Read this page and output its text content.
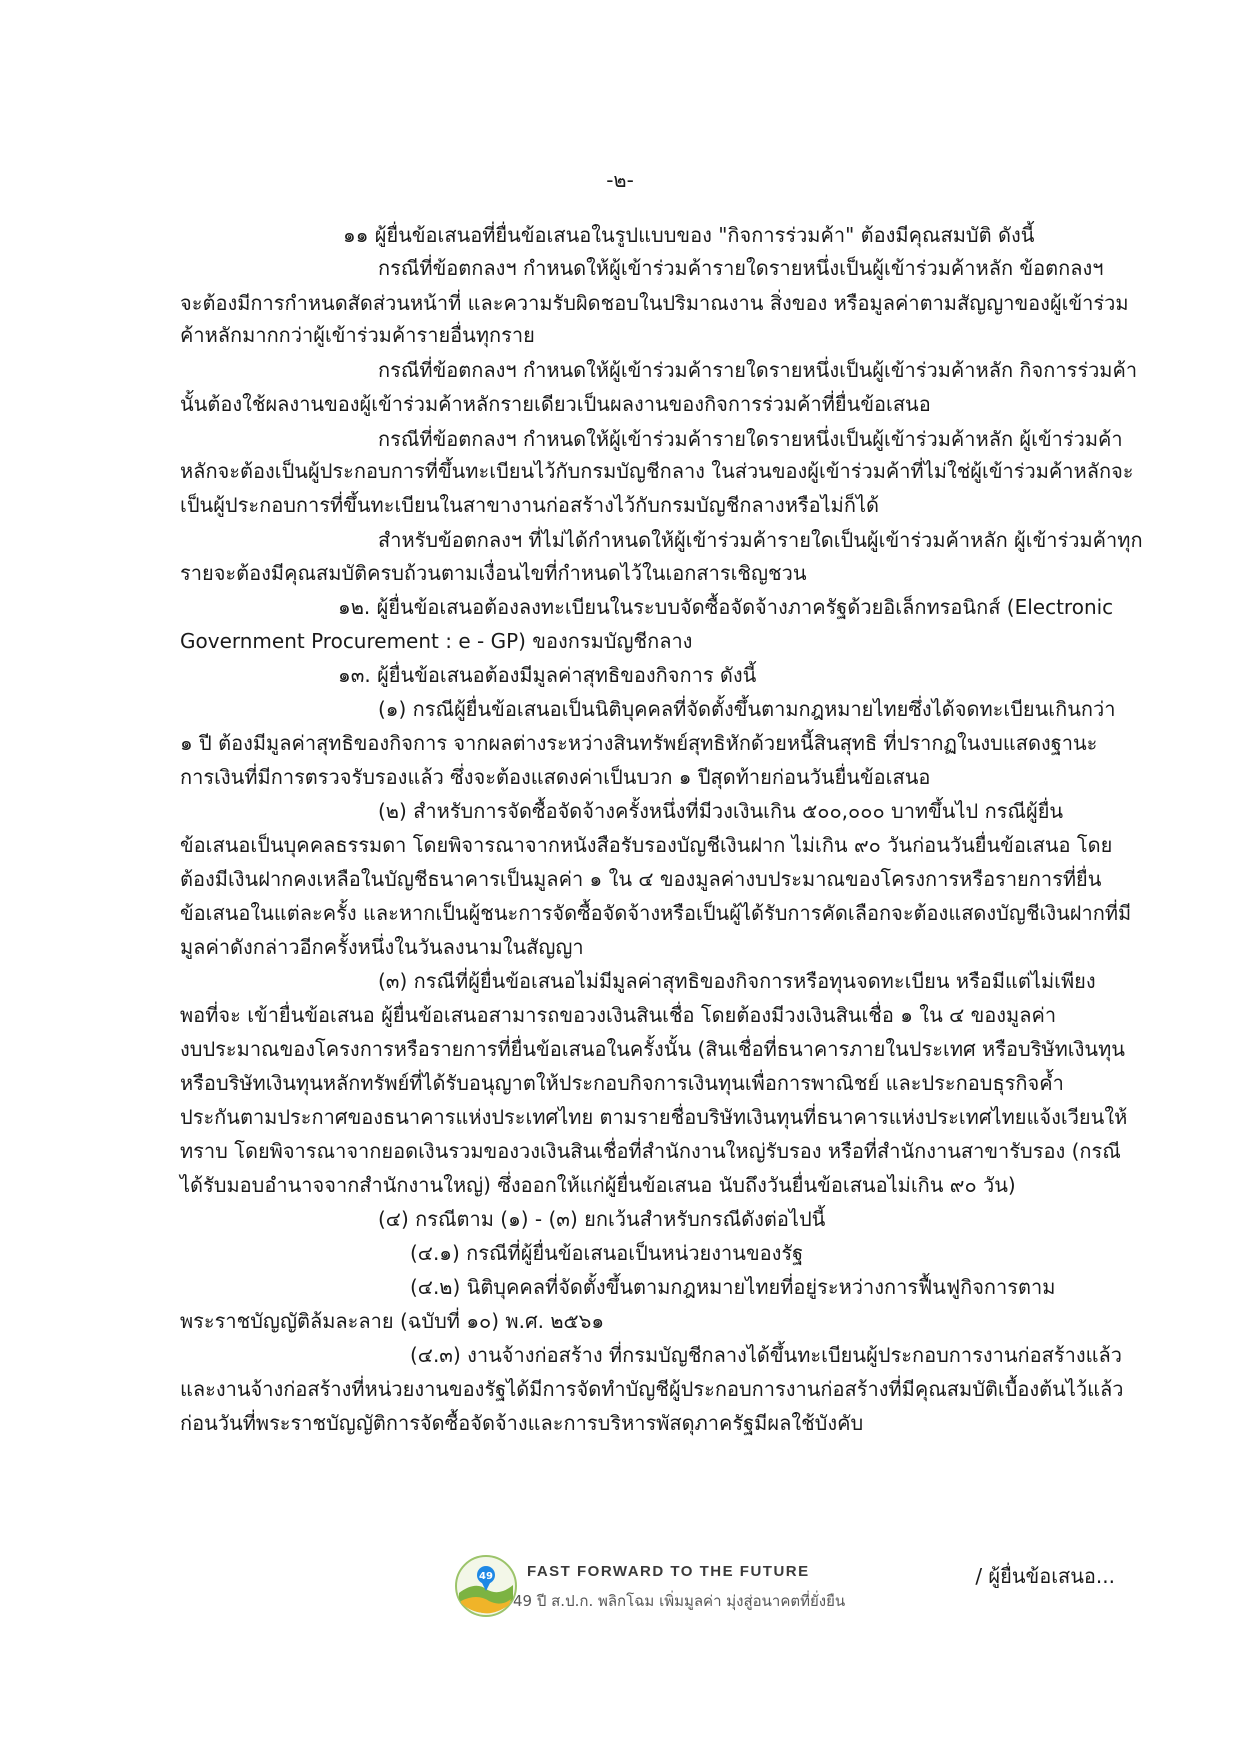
-๒-
๑๑ ผู้ยื่นข้อเสนอที่ยื่นข้อเสนอในรูปแบบของ "กิจการร่วมค้า" ต้องมีคุณสมบัติ ดังนี้
กรณีที่ข้อตกลงฯ กำหนดให้ผู้เข้าร่วมค้ารายใดรายหนึ่งเป็นผู้เข้าร่วมค้าหลัก ข้อตกลงฯ
จะต้องมีการกำหนดสัดส่วนหน้าที่ และความรับผิดชอบในปริมาณงาน สิ่งของ หรือมูลค่าตามสัญญาของผู้เข้าร่วม
ค้าหลักมากกว่าผู้เข้าร่วมค้ารายอื่นทุกราย
กรณีที่ข้อตกลงฯ กำหนดให้ผู้เข้าร่วมค้ารายใดรายหนึ่งเป็นผู้เข้าร่วมค้าหลัก กิจการร่วมค้า
นั้นต้องใช้ผลงานของผู้เข้าร่วมค้าหลักรายเดียวเป็นผลงานของกิจการร่วมค้าที่ยื่นข้อเสนอ
กรณีที่ข้อตกลงฯ กำหนดให้ผู้เข้าร่วมค้ารายใดรายหนึ่งเป็นผู้เข้าร่วมค้าหลัก ผู้เข้าร่วมค้า
หลักจะต้องเป็นผู้ประกอบการที่ขึ้นทะเบียนไว้กับกรมบัญชีกลาง ในส่วนของผู้เข้าร่วมค้าที่ไม่ใช่ผู้เข้าร่วมค้าหลักจะ
เป็นผู้ประกอบการที่ขึ้นทะเบียนในสาขางานก่อสร้างไว้กับกรมบัญชีกลางหรือไม่ก็ได้
สำหรับข้อตกลงฯ ที่ไม่ได้กำหนดให้ผู้เข้าร่วมค้ารายใดเป็นผู้เข้าร่วมค้าหลัก ผู้เข้าร่วมค้าทุก
รายจะต้องมีคุณสมบัติครบถ้วนตามเงื่อนไขที่กำหนดไว้ในเอกสารเชิญชวน
๑๒. ผู้ยื่นข้อเสนอต้องลงทะเบียนในระบบจัดซื้อจัดจ้างภาครัฐด้วยอิเล็กทรอนิกส์ (Electronic
Government Procurement : e - GP) ของกรมบัญชีกลาง
๑๓. ผู้ยื่นข้อเสนอต้องมีมูลค่าสุทธิของกิจการ ดังนี้
(๑) กรณีผู้ยื่นข้อเสนอเป็นนิติบุคคลที่จัดตั้งขึ้นตามกฎหมายไทยซึ่งได้จดทะเบียนเกินกว่า
๑ ปี ต้องมีมูลค่าสุทธิของกิจการ จากผลต่างระหว่างสินทรัพย์สุทธิหักด้วยหนี้สินสุทธิ ที่ปรากฏในงบแสดงฐานะ
การเงินที่มีการตรวจรับรองแล้ว ซึ่งจะต้องแสดงค่าเป็นบวก ๑ ปีสุดท้ายก่อนวันยื่นข้อเสนอ
(๒) สำหรับการจัดซื้อจัดจ้างครั้งหนึ่งที่มีวงเงินเกิน ๕๐๐,๐๐๐ บาทขึ้นไป กรณีผู้ยื่น
ข้อเสนอเป็นบุคคลธรรมดา โดยพิจารณาจากหนังสือรับรองบัญชีเงินฝาก ไม่เกิน ๙๐ วันก่อนวันยื่นข้อเสนอ โดย
ต้องมีเงินฝากคงเหลือในบัญชีธนาคารเป็นมูลค่า ๑ ใน ๔ ของมูลค่างบประมาณของโครงการหรือรายการที่ยื่น
ข้อเสนอในแต่ละครั้ง และหากเป็นผู้ชนะการจัดซื้อจัดจ้างหรือเป็นผู้ได้รับการคัดเลือกจะต้องแสดงบัญชีเงินฝากที่มี
มูลค่าดังกล่าวอีกครั้งหนึ่งในวันลงนามในสัญญา
(๓) กรณีที่ผู้ยื่นข้อเสนอไม่มีมูลค่าสุทธิของกิจการหรือทุนจดทะเบียน หรือมีแต่ไม่เพียง
พอที่จะ เข้ายื่นข้อเสนอ ผู้ยื่นข้อเสนอสามารถขอวงเงินสินเชื่อ โดยต้องมีวงเงินสินเชื่อ ๑ ใน ๔ ของมูลค่า
งบประมาณของโครงการหรือรายการที่ยื่นข้อเสนอในครั้งนั้น (สินเชื่อที่ธนาคารภายในประเทศ หรือบริษัทเงินทุน
หรือบริษัทเงินทุนหลักทรัพย์ที่ได้รับอนุญาตให้ประกอบกิจการเงินทุนเพื่อการพาณิชย์ และประกอบธุรกิจค้ำ
ประกันตามประกาศของธนาคารแห่งประเทศไทย ตามรายชื่อบริษัทเงินทุนที่ธนาคารแห่งประเทศไทยแจ้งเวียนให้
ทราบ โดยพิจารณาจากยอดเงินรวมของวงเงินสินเชื่อที่สำนักงานใหญ่รับรอง หรือที่สำนักงานสาขารับรอง (กรณี
ได้รับมอบอำนาจจากสำนักงานใหญ่) ซึ่งออกให้แก่ผู้ยื่นข้อเสนอ นับถึงวันยื่นข้อเสนอไม่เกิน ๙๐ วัน)
(๔) กรณีตาม (๑) - (๓) ยกเว้นสำหรับกรณีดังต่อไปนี้
(๔.๑) กรณีที่ผู้ยื่นข้อเสนอเป็นหน่วยงานของรัฐ
(๔.๒) นิติบุคคลที่จัดตั้งขึ้นตามกฎหมายไทยที่อยู่ระหว่างการฟื้นฟูกิจการตาม
พระราชบัญญัติล้มละลาย (ฉบับที่ ๑๐) พ.ศ. ๒๕๖๑
(๔.๓) งานจ้างก่อสร้าง ที่กรมบัญชีกลางได้ขึ้นทะเบียนผู้ประกอบการงานก่อสร้างแล้ว
และงานจ้างก่อสร้างที่หน่วยงานของรัฐได้มีการจัดทำบัญชีผู้ประกอบการงานก่อสร้างที่มีคุณสมบัติเบื้องต้นไว้แล้ว
ก่อนวันที่พระราชบัญญัติการจัดซื้อจัดจ้างและการบริหารพัสดุภาครัฐมีผลใช้บังคับ
/ ผู้ยื่นข้อเสนอ...
49 FAST FORWARD TO THE FUTURE
49 ปี ส.ป.ก. พลิกโฉม เพิ่มมูลค่า มุ่งสู่อนาคตที่ยั่งยืน
